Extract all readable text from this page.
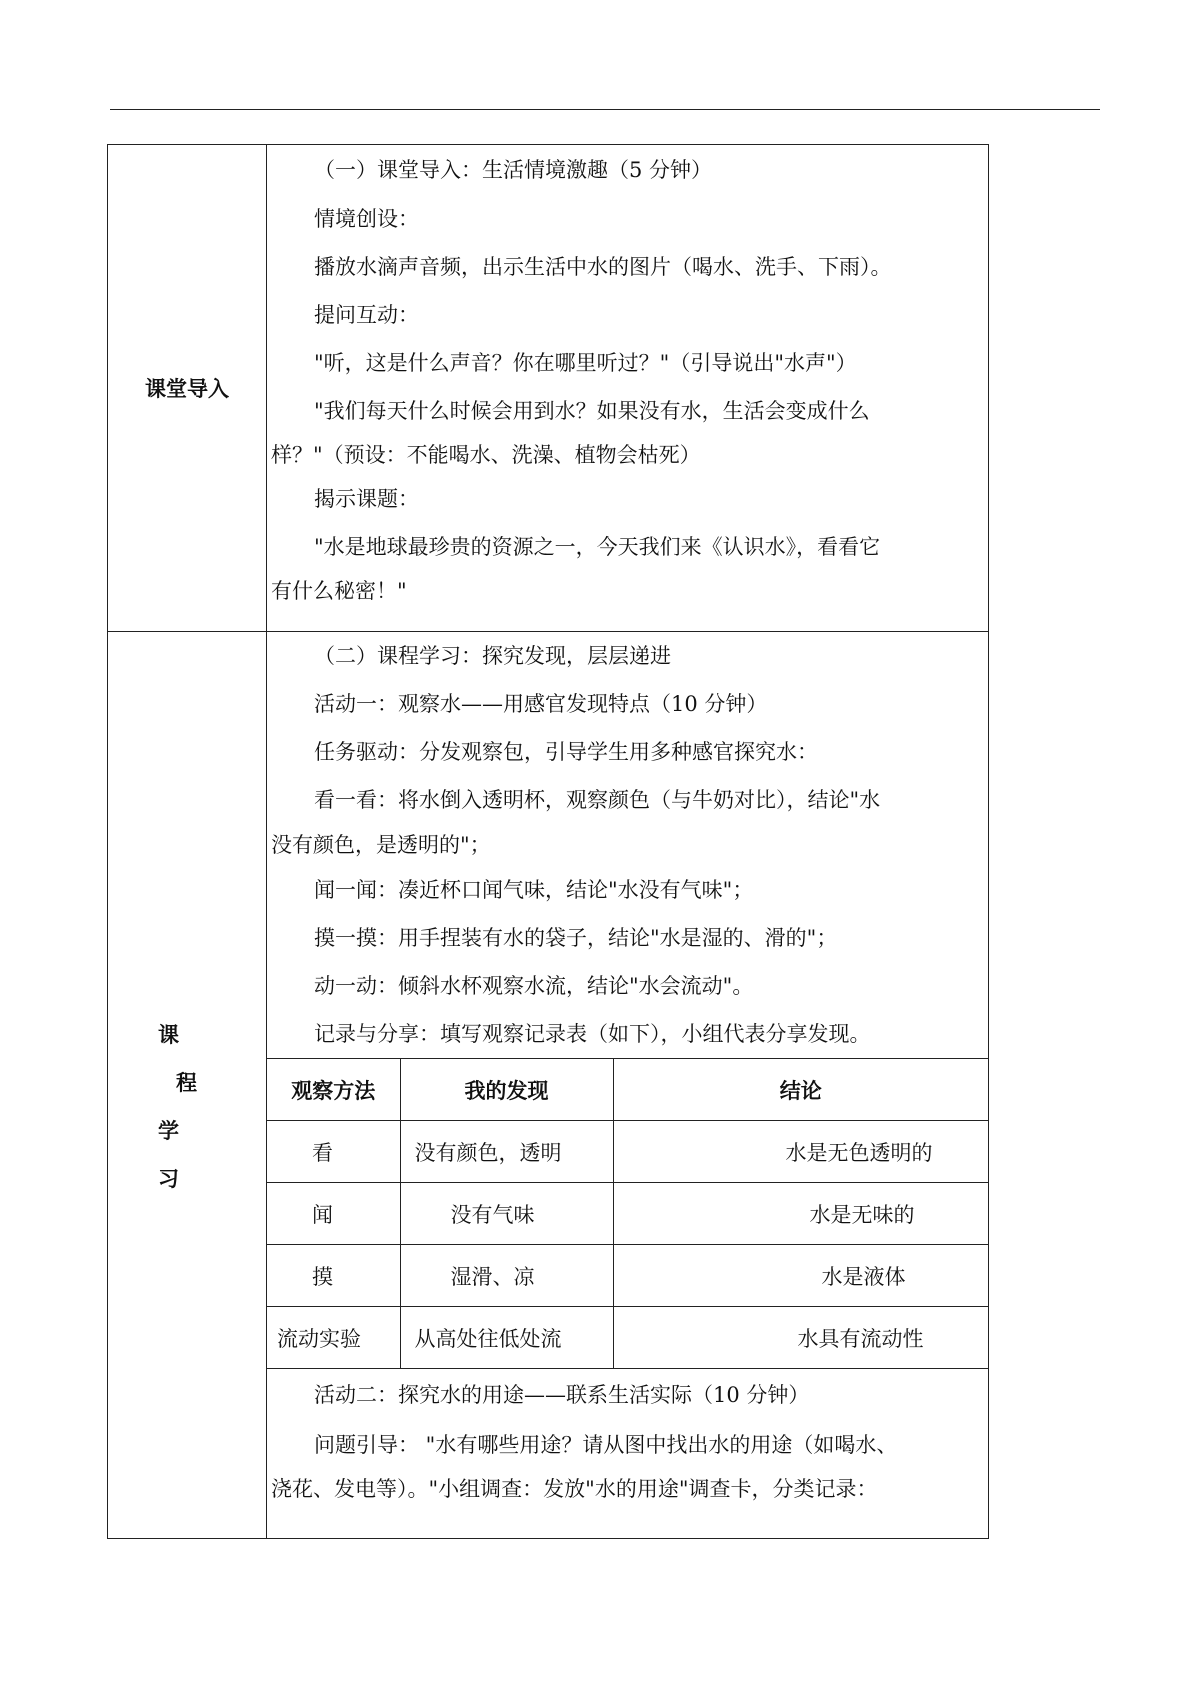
课堂导入

（一）课堂导入：生活情境激趣（5 分钟）

情境创设：

播放水滴声音频，出示生活中水的图片（喝水、洗手、下雨）。

提问互动：

"听，这是什么声音？你在哪里听过？"（引导说出"水声"）

"我们每天什么时候会用到水？如果没有水，生活会变成什么

样？"（预设：不能喝水、洗澡、植物会枯死）

揭示课题：

"水是地球最珍贵的资源之一，今天我们来《认识水》，看看它

有什么秘密！"

课
程
学
习

（二）课程学习：探究发现，层层递进

活动一：观察水——用感官发现特点（10 分钟）

任务驱动：分发观察包，引导学生用多种感官探究水：

看一看：将水倒入透明杯，观察颜色（与牛奶对比），结论"水

没有颜色，是透明的"；

闻一闻：凑近杯口闻气味，结论"水没有气味"；

摸一摸：用手捏装有水的袋子，结论"水是湿的、滑的"；

动一动：倾斜水杯观察水流，结论"水会流动"。

记录与分享：填写观察记录表（如下），小组代表分享发现。

观察方法	我的发现	结论
看	没有颜色，透明	水是无色透明的
闻	没有气味	水是无味的
摸	湿滑、凉	水是液体
流动实验	从高处往低处流	水具有流动性

活动二：探究水的用途——联系生活实际（10 分钟）

问题引导： "水有哪些用途？请从图中找出水的用途（如喝水、

浇花、发电等）。"小组调查：发放"水的用途"调查卡，分类记录：
